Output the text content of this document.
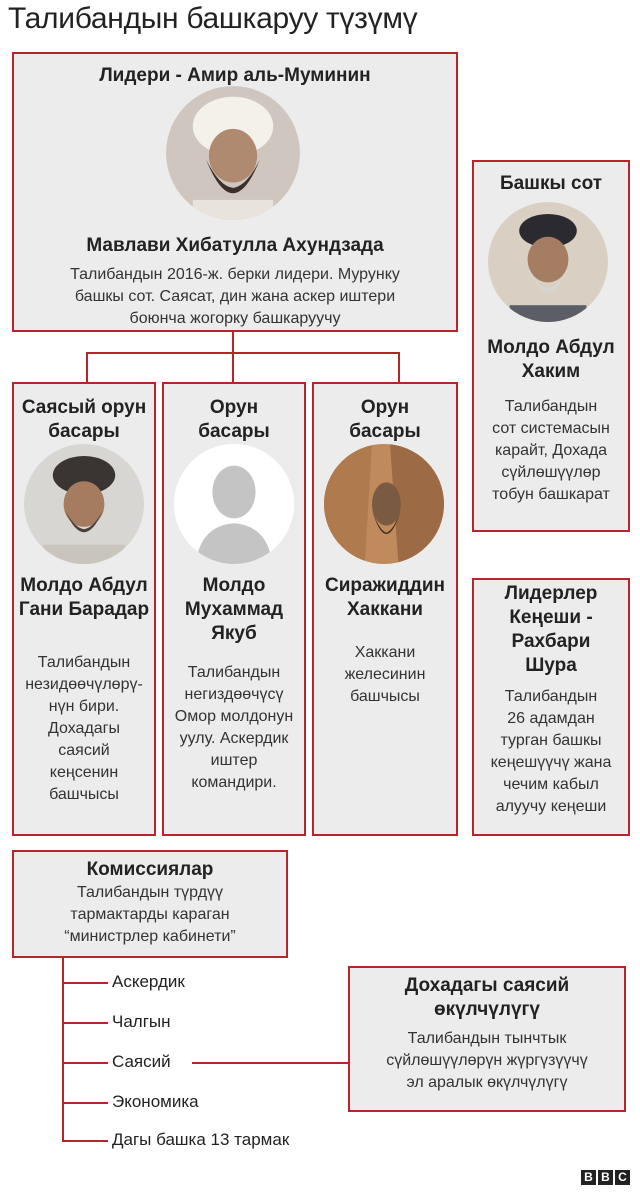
Талибандын башкаруу түзүмү
Лидери - Амир аль-Муминин
Мавлави Хибатулла Ахундзада
Талибандын 2016-ж. берки лидери. Мурунку
башкы сот. Саясат, дин жана аскер иштери
боюнча жогорку башкаруучу
Башкы сот
Молдо Абдул
Хаким
Талибандын
сот системасын
карайт, Дохада
сүйлөшүүлөр
тобун башкарат
Саясый орун
басары
Молдо Абдул
Гани Барадар
Талибандын
незидөөчүлөрү-
нүн бири.
Дохадагы
саясий
кеңсенин
башчысы
Орун
басары
Молдо
Мухаммад
Якуб
Талибандын
негиздөөчүсү
Омор молдонун
уулу. Аскердик
иштер
командири.
Орун
басары
Сиражиддин
Хаккани
Хаккани
желесинин
башчысы
Лидерлер
Кеңеши -
Рахбари
Шура
Талибандын
26 адамдан
турган башкы
кеңешүүчү жана
чечим кабыл
алуучу кеңеши
Комиссиялар
Талибандын түрдүү
тармактарды караган
“министрлер кабинети”
Аскердик
Чалгын
Саясий
Экономика
Дагы башка 13 тармак
Дохадагы саясий
өкүлчүлүгү
Талибандын тынчтык
сүйлөшүүлөрүн жүргүзүүчү
эл аралык өкүлчүлүгү
B B C
